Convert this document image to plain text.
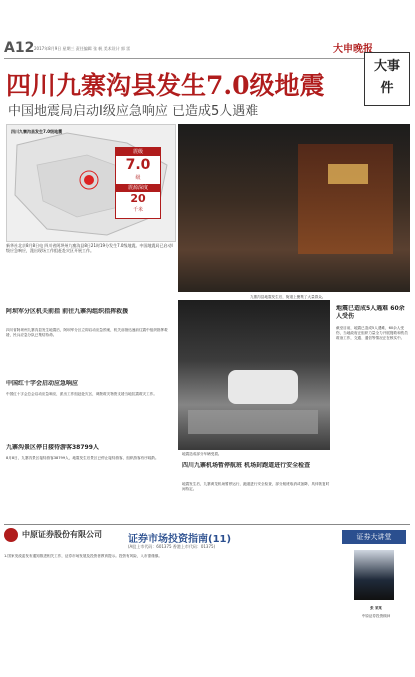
A12 2017年8月9日 星期三 责任编辑 张 帆 美术设计 郭 雷	大申晚报
大事件
四川九寨沟县发生7.0级地震
中国地震局启动Ⅰ级应急响应 已造成5人遇难
四川九寨沟县发生7.0级地震
震级
7.0
级
震源深度
20
千米
新华社北京8月8日电 四川省阿坝州九寨沟县8日21时19分发生7.0级地震。中国地震局已启动Ⅰ级应急响应，派出现场工作组赶赴灾区开展工作。
九寨沟县地震发生后，街道上聚集了大量群众。
阿坝军分区机关前指 前往九寨沟组织指挥救援
四川省阿坝州九寨沟县发生地震后，阿坝军分区立即启动应急预案，机关前指迅速前往震中组织指挥救援，民兵应急分队已集结待命。
中国红十字会启动应急响应
中国红十字会总会启动应急响应，派出工作组赶赴灾区，调拨救灾物资支援当地抗震救灾工作。
九寨沟景区停日接待游客38799人
8月8日，九寨沟景区接待游客38799人，地震发生后景区已停止接待游客，组织游客有序疏散。
地震造成部分车辆受损。
地震已造成5人遇难 60余人受伤
截至目前，地震已造成5人遇难，60余人受伤，当地政府正组织力量全力开展搜救和伤员救治工作，交通、通信等情况正在核实中。
四川九寨机场暂停航班 机场封跑道进行安全检查
地震发生后，九寨黄龙机场暂停运行，跑道进行安全检查，部分航班取消或备降，具体恢复时间待定。
中原证券股份有限公司	证券市场投资指南(11)
(A股上市代码：601375 香港上市代码：01375)
证券大讲堂
1.国家发改委发布通知推进相关工作，证券市场发展及投资者教育提示。投资有风险，入市需谨慎。
张 某某
中原证券投资顾问
